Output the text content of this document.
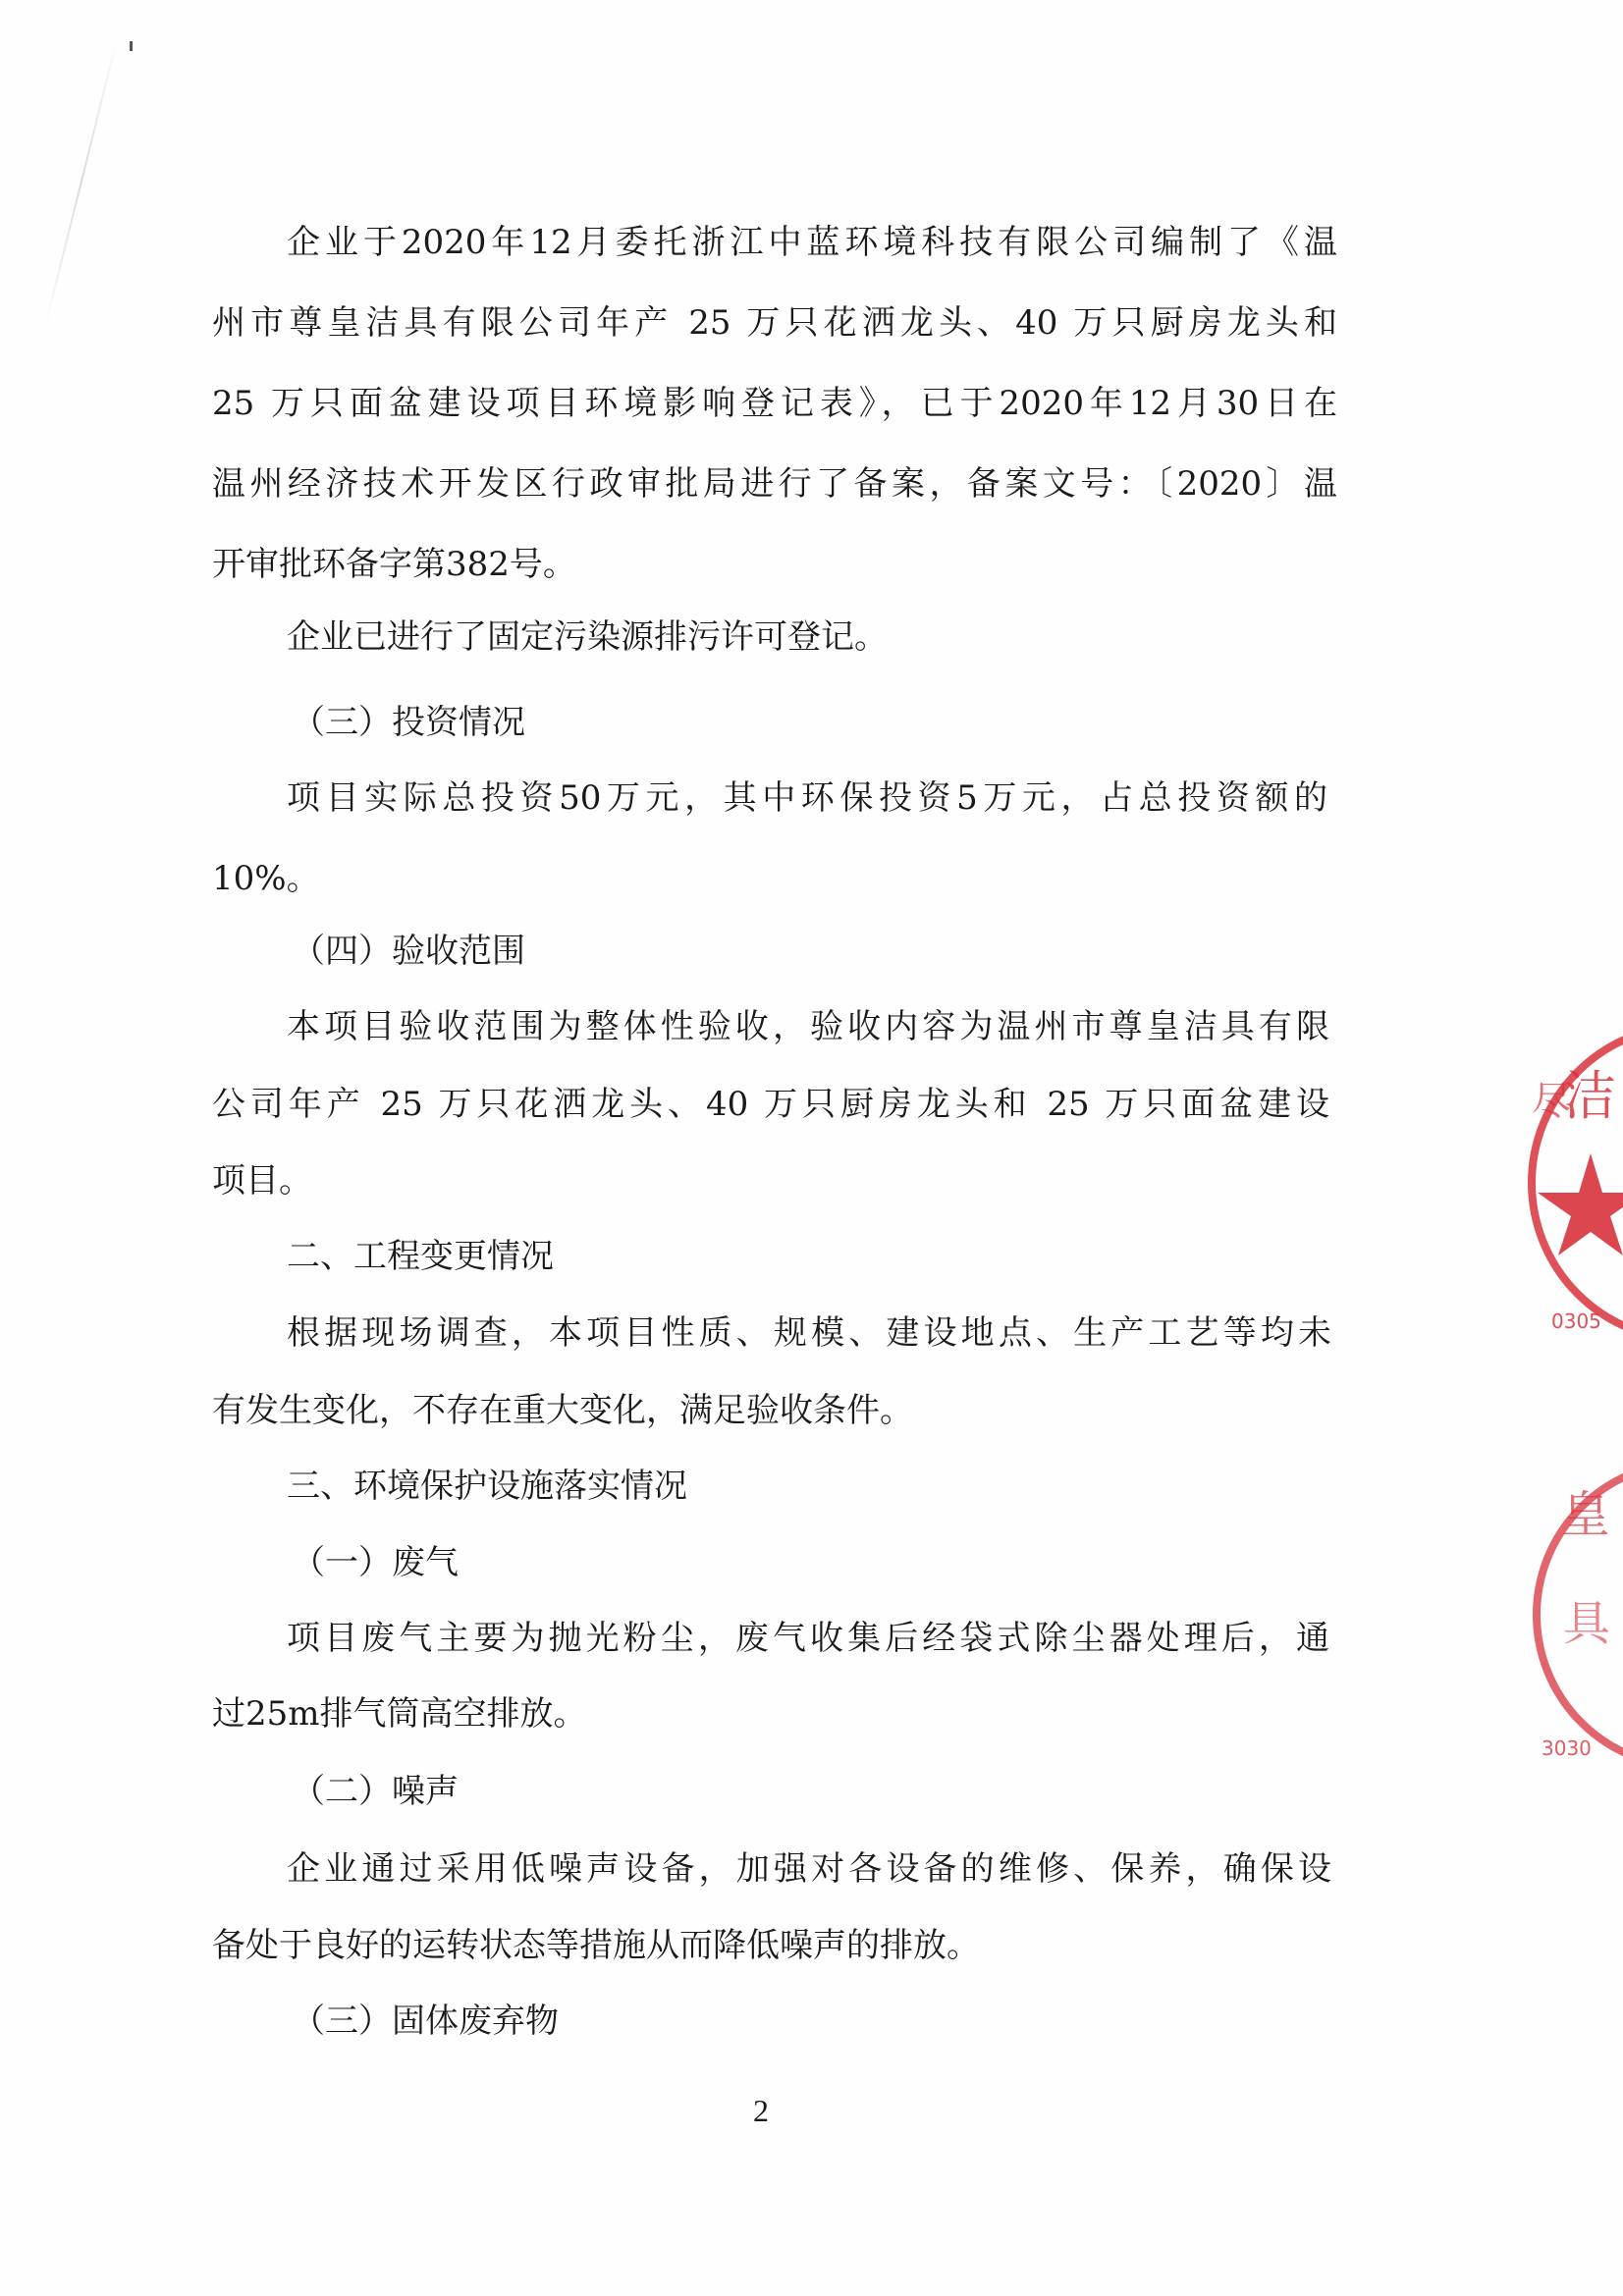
企业于2020年12月委托浙江中蓝环境科技有限公司编制了《温
州市尊皇洁具有限公司年产 25 万只花洒龙头、40 万只厨房龙头和
25 万只面盆建设项目环境影响登记表》，已于2020年12月30日在
温州经济技术开发区行政审批局进行了备案，备案文号：〔2020〕温
开审批环备字第382号。
企业已进行了固定污染源排污许可登记。
（三）投资情况
项目实际总投资50万元，其中环保投资5万元，占总投资额的
10%。
（四）验收范围
本项目验收范围为整体性验收，验收内容为温州市尊皇洁具有限
公司年产 25 万只花洒龙头、40 万只厨房龙头和 25 万只面盆建设
项目。
二、工程变更情况
根据现场调查，本项目性质、规模、建设地点、生产工艺等均未
有发生变化，不存在重大变化，满足验收条件。
三、环境保护设施落实情况
（一）废气
项目废气主要为抛光粉尘，废气收集后经袋式除尘器处理后，通
过25m排气筒高空排放。
（二）噪声
企业通过采用低噪声设备，加强对各设备的维修、保养，确保设
备处于良好的运转状态等措施从而降低噪声的排放。
（三）固体废弃物
2
洁
尽
0305
皇
具
3030
